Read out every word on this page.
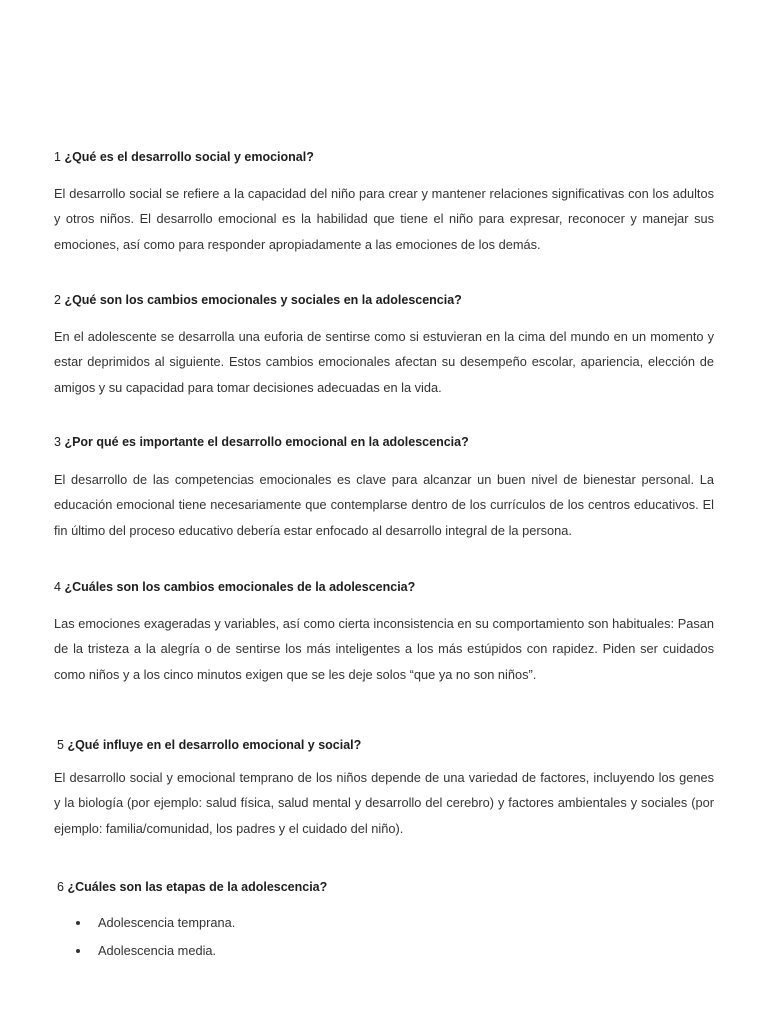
1 ¿Qué es el desarrollo social y emocional?

El desarrollo social se refiere a la capacidad del niño para crear y mantener relaciones significativas con los adultos y otros niños. El desarrollo emocional es la habilidad que tiene el niño para expresar, reconocer y manejar sus emociones, así como para responder apropiadamente a las emociones de los demás.

2 ¿Qué son los cambios emocionales y sociales en la adolescencia?

En el adolescente se desarrolla una euforia de sentirse como si estuvieran en la cima del mundo en un momento y estar deprimidos al siguiente. Estos cambios emocionales afectan su desempeño escolar, apariencia, elección de amigos y su capacidad para tomar decisiones adecuadas en la vida.

3 ¿Por qué es importante el desarrollo emocional en la adolescencia?

El desarrollo de las competencias emocionales es clave para alcanzar un buen nivel de bienestar personal. La educación emocional tiene necesariamente que contemplarse dentro de los currículos de los centros educativos. El fin último del proceso educativo debería estar enfocado al desarrollo integral de la persona.

4 ¿Cuáles son los cambios emocionales de la adolescencia?

Las emociones exageradas y variables, así como cierta inconsistencia en su comportamiento son habituales: Pasan de la tristeza a la alegría o de sentirse los más inteligentes a los más estúpidos con rapidez. Piden ser cuidados como niños y a los cinco minutos exigen que se les deje solos “que ya no son niños”.

5 ¿Qué influye en el desarrollo emocional y social?

El desarrollo social y emocional temprano de los niños depende de una variedad de factores, incluyendo los genes y la biología (por ejemplo: salud física, salud mental y desarrollo del cerebro) y factores ambientales y sociales (por ejemplo: familia/comunidad, los padres y el cuidado del niño).

6 ¿Cuáles son las etapas de la adolescencia?

Adolescencia temprana.
Adolescencia media.
